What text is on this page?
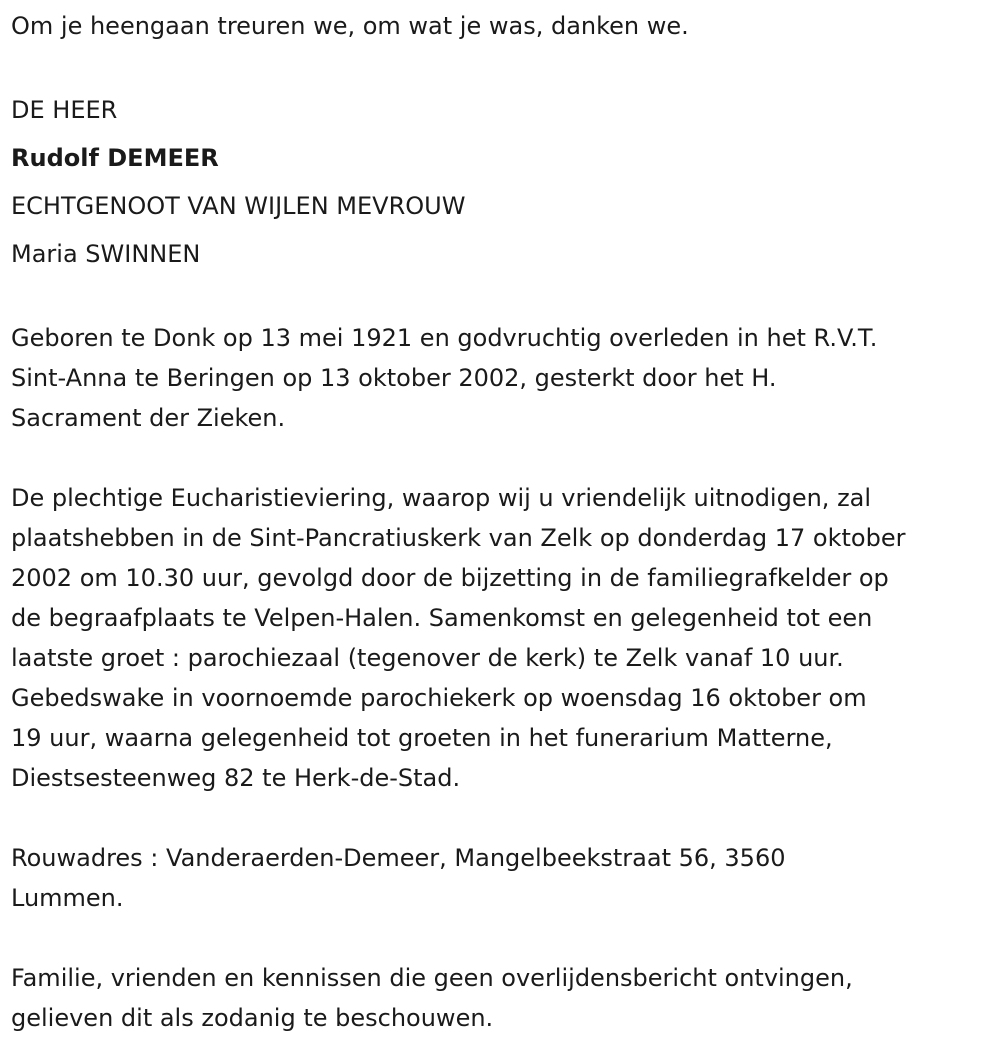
Om je heengaan treuren we, om wat je was, danken we.

DE HEER

Rudolf DEMEER

ECHTGENOOT VAN WIJLEN MEVROUW

Maria SWINNEN

Geboren te Donk op 13 mei 1921 en godvruchtig overleden in het R.V.T.
Sint-Anna te Beringen op 13 oktober 2002, gesterkt door het H.
Sacrament der Zieken.

De plechtige Eucharistieviering, waarop wij u vriendelijk uitnodigen, zal
plaatshebben in de Sint-Pancratiuskerk van Zelk op donderdag 17 oktober
2002 om 10.30 uur, gevolgd door de bijzetting in de familiegrafkelder op
de begraafplaats te Velpen-Halen. Samenkomst en gelegenheid tot een
laatste groet : parochiezaal (tegenover de kerk) te Zelk vanaf 10 uur.
Gebedswake in voornoemde parochiekerk op woensdag 16 oktober om
19 uur, waarna gelegenheid tot groeten in het funerarium Matterne,
Diestsesteenweg 82 te Herk-de-Stad.

Rouwadres : Vanderaerden-Demeer, Mangelbeekstraat 56, 3560
Lummen.

Familie, vrienden en kennissen die geen overlijdensbericht ontvingen,
gelieven dit als zodanig te beschouwen.
